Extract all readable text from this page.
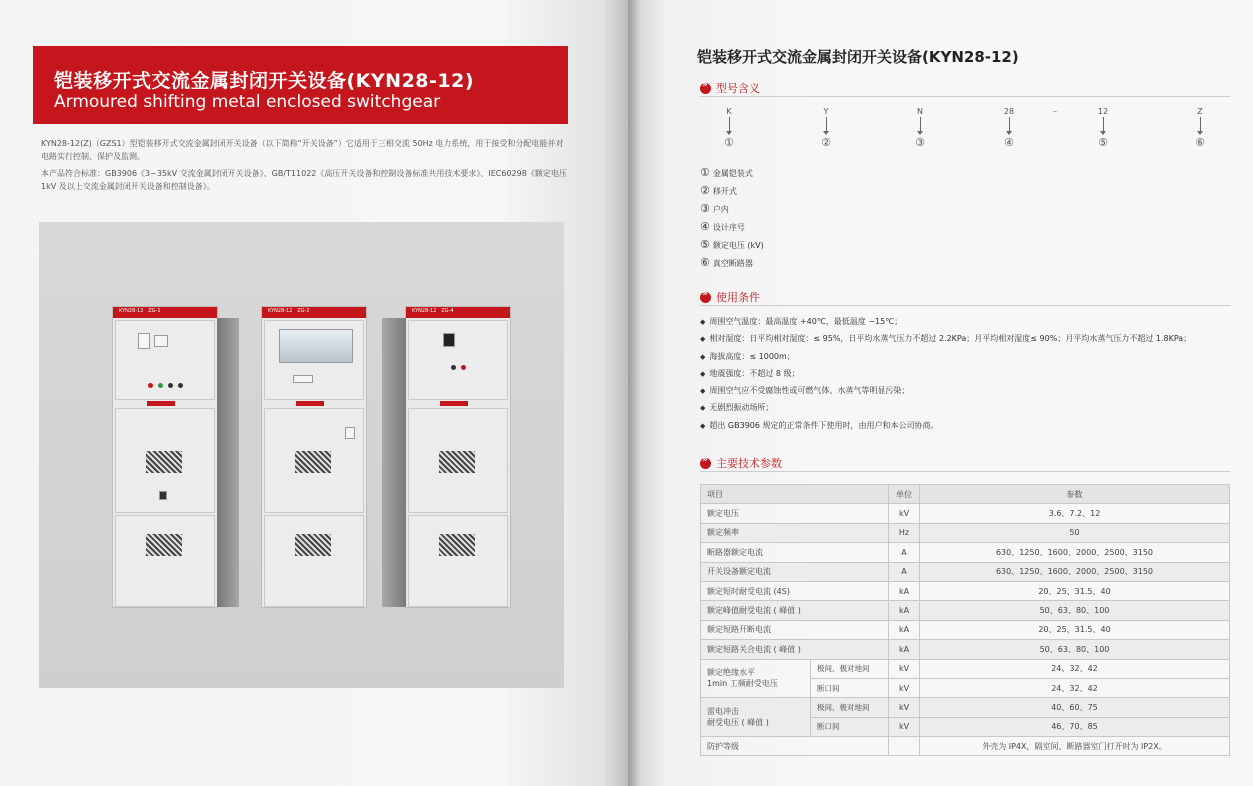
铠装移开式交流金属封闭开关设备(KYN28-12)
Armoured shifting metal enclosed switchgear

KYN28-12(Z)（GZS1）型铠装移开式交流金属封闭开关设备（以下简称“开关设备”）它适用于三相交流 50Hz 电力系统，用于接受和分配电能并对电路实行控制、保护及监测。

本产品符合标准：GB3906《3~35kV 交流金属封闭开关设备》、GB/T11022《高压开关设备和控制设备标准共用技术要求》、IEC60298《额定电压 1kV 及以上交流金属封闭开关设备和控制设备》。

KYN28-12 ZG-1	KYN28-12 ZG-2	KYN28-12 ZG-4
铠装移开式交流金属封闭开关设备(KYN28-12)
»
型号含义
K
①
Y
②
N
③
28
④
–	12
⑤
Z
⑥
① 金属铠装式
② 移开式
③ 户内
④ 设计序号
⑤ 额定电压 (kV)
⑥ 真空断路器
»
使用条件
◆ 周围空气温度：最高温度 +40℃，最低温度 −15℃；
◆ 相对湿度：日平均相对湿度：≤ 95%，日平均水蒸气压力不超过 2.2KPa；月平均相对湿度≤ 90%；月平均水蒸气压力不超过 1.8KPa；
◆ 海拔高度：≤ 1000m；
◆ 地震强度：不超过 8 级；
◆ 周围空气应不受腐蚀性或可燃气体、水蒸气等明显污染；
◆ 无剧烈振动场所；
◆ 超出 GB3906 规定的正常条件下使用时，由用户和本公司协商。
»
主要技术参数
项目		单位	参数
额定电压		kV	3.6、7.2、12
额定频率		Hz	50
断路器额定电流		A	630、1250、1600、2000、2500、3150
开关设备额定电流		A	630、1250、1600、2000、2500、3150
额定短时耐受电流 (4S)		kA	20、25、31.5、40
额定峰值耐受电流 ( 峰值 )		kA	50、63、80、100
额定短路开断电流		kA	20、25、31.5、40
额定短路关合电流 ( 峰值 )		kA	50、63、80、100
额定绝缘水平
1min 工频耐受电压	极间、极对地间	kV	24、32、42
	断口间	kV	24、32、42
雷电冲击
耐受电压 ( 峰值 )	极间、极对地间	kV	40、60、75
	断口间	kV	46、70、85
防护等级			外壳为 IP4X，隔室间、断路器室门打开时为 IP2X。
